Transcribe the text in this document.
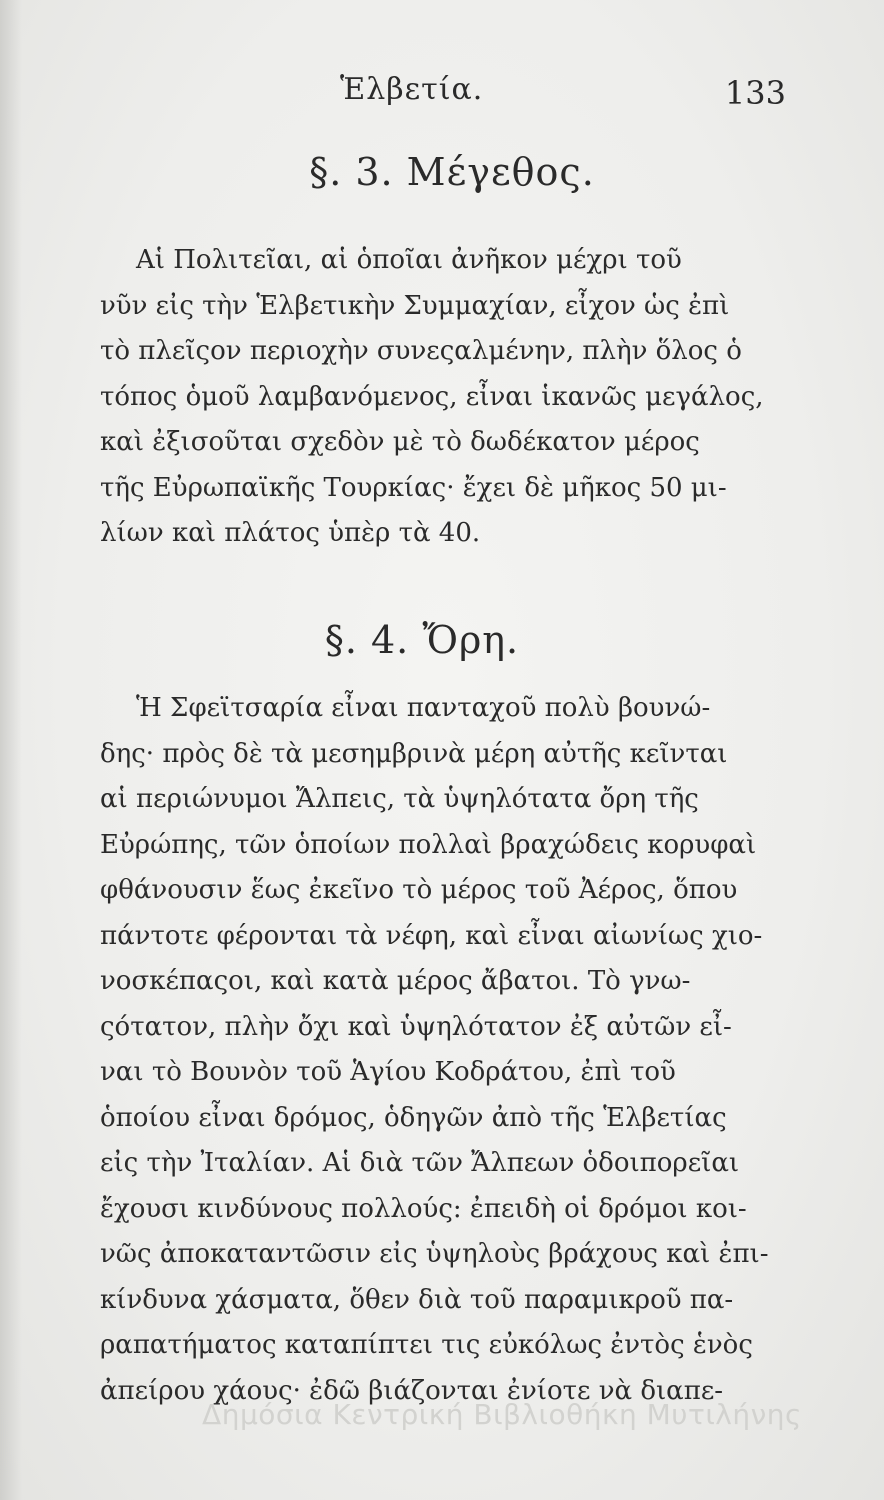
Ἑλβετία.	133
§. 3. Μέγεθος.
Αἱ Πολιτεῖαι, αἱ ὁποῖαι ἀνῆκον μέχρι τοῦ
νῦν εἰς τὴν Ἑλβετικὴν Συμμαχίαν, εἶχον ὡς ἐπὶ
τὸ πλεῖςον περιοχὴν συνεςαλμένην, πλὴν ὅλος ὁ
τόπος ὁμοῦ λαμβανόμενος, εἶναι ἱκανῶς μεγάλος,
καὶ ἐξισοῦται σχεδὸν μὲ τὸ δωδέκατον μέρος
τῆς Εὐρωπαϊκῆς Τουρκίας· ἔχει δὲ μῆκος 50 μι-
λίων καὶ πλάτος ὑπὲρ τὰ 40.
§. 4. Ὄρη.
Ἡ Σφεϊτσαρία εἶναι πανταχοῦ πολὺ βουνώ-
δης· πρὸς δὲ τὰ μεσημβρινὰ μέρη αὐτῆς κεῖνται
αἱ περιώνυμοι Ἄλπεις, τὰ ὑψηλότατα ὄρη τῆς
Εὐρώπης, τῶν ὁποίων πολλαὶ βραχώδεις κορυφαὶ
φθάνουσιν ἕως ἐκεῖνο τὸ μέρος τοῦ Ἀέρος, ὅπου
πάντοτε φέρονται τὰ νέφη, καὶ εἶναι αἰωνίως χιο-
νοσκέπαςοι, καὶ κατὰ μέρος ἄβατοι. Τὸ γνω-
ςότατον, πλὴν ὄχι καὶ ὑψηλότατον ἐξ αὐτῶν εἶ-
ναι τὸ Βουνὸν τοῦ Ἁγίου Κοδράτου, ἐπὶ τοῦ
ὁποίου εἶναι δρόμος, ὁδηγῶν ἀπὸ τῆς Ἑλβετίας
εἰς τὴν Ἰταλίαν. Αἱ διὰ τῶν Ἄλπεων ὁδοιπορεῖαι
ἔχουσι κινδύνους πολλούς: ἐπειδὴ οἱ δρόμοι κοι-
νῶς ἀποκαταντῶσιν εἰς ὑψηλοὺς βράχους καὶ ἐπι-
κίνδυνα χάσματα, ὅθεν διὰ τοῦ παραμικροῦ πα-
ραπατήματος καταπίπτει τις εὐκόλως ἐντὸς ἑνὸς
ἀπείρου χάους· ἐδῶ βιάζονται ἐνίοτε νὰ διαπε-
Δημόσια Κεντρική Βιβλιοθήκη Μυτιλήνης
